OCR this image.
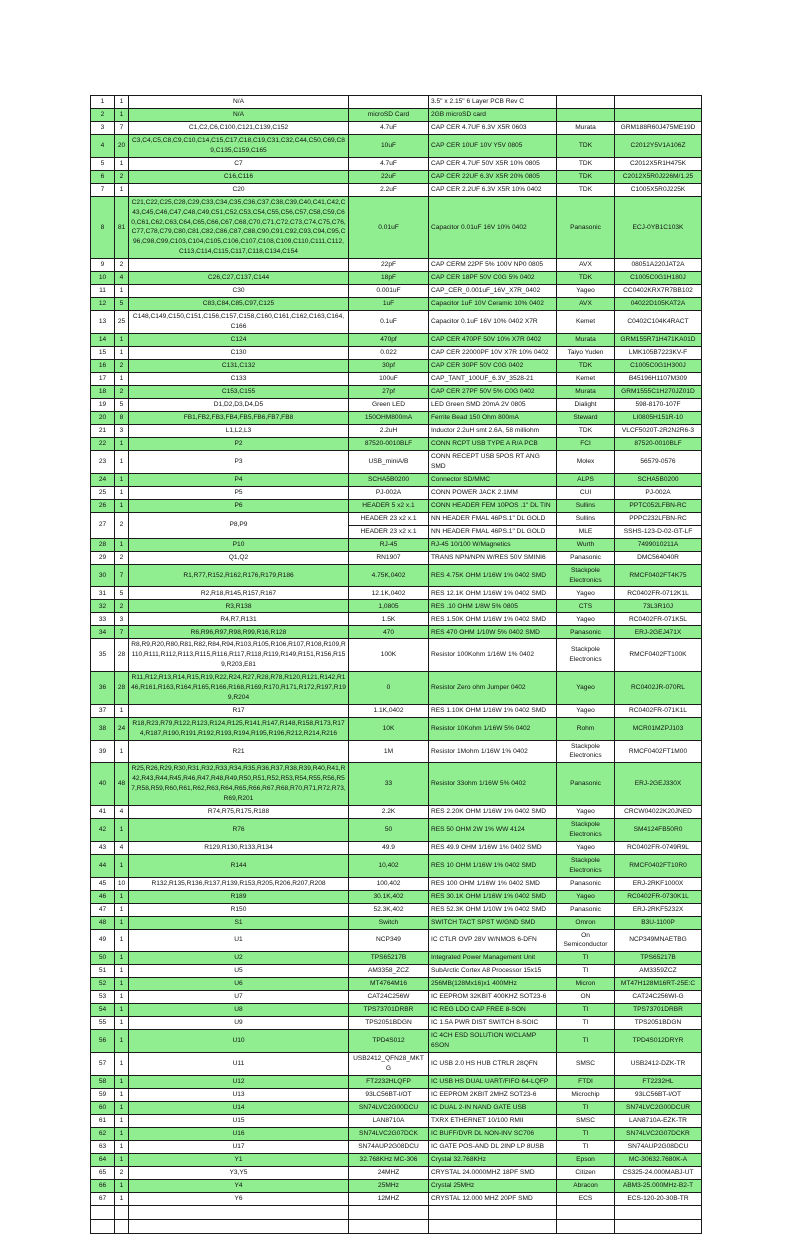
1	1	N/A		3.5" x 2.15" 6 Layer PCB Rev C		
2	1	N/A	microSD Card	2GB microSD card		
3	7	C1,C2,C6,C100,C121,C139,C152	4.7uF	CAP CER 4.7UF 6.3V X5R 0603	Murata	GRM188R60J475ME19D
4	20	C3,C4,C5,C8,C9,C10,C14,C15,C17,C18,C19,C31,C32,C44,C50,C69,C89,C135,C159,C165	10uF	CAP CER 10UF 10V Y5V 0805	TDK	C2012Y5V1A106Z
5	1	C7	4.7uF	CAP CER 4.7UF 50V X5R 10% 0805	TDK	C2012X5R1H475K
6	2	C16,C116	22uF	CAP CER 22UF 6.3V X5R 20% 0805	TDK	C2012X5R0J226M/1.25
7	1	C20	2.2uF	CAP CER 2.2UF 6.3V X5R 10% 0402	TDK	C1005X5R0J225K
8	81	C21,C22,C25,C28,C29,C33,C34,C35,C36,C37,C38,C39,C40,C41,C42,C43,C45,C46,C47,C48,C49,C51,C52,C53,C54,C55,C56,C57,C58,C59,C60,C61,C62,C63,C64,C65,C66,C67,C68,C70,C71,C72,C73,C74,C75,C76,C77,C78,C79,C80,C81,C82,C86,C87,C88,C90,C91,C92,C93,C94,C95,C96,C98,C99,C103,C104,C105,C106,C107,C108,C109,C110,C111,C112,C113,C114,C115,C117,C118,C134,C154	0.01uF	Capacitor 0.01uF 16V 10% 0402	Panasonic	ECJ-0YB1C103K
9	2		22pF	CAP CERM 22PF 5% 100V NP0 0805	AVX	08051A220JAT2A
10	4	C26,C27,C137,C144	18pF	CAP CER 18PF 50V C0G 5% 0402	TDK	C1005C0G1H180J
11	1	C30	0.001uF	CAP_CER_0.001uF_16V_X7R_0402	Yageo	CC0402KRX7R7BB102
12	5	C83,C84,C85,C97,C125	1uF	Capacitor 1uF 10V Ceramic 10% 0402	AVX	04022D105KAT2A
13	25	C148,C149,C150,C151,C156,C157,C158,C160,C161,C162,C163,C164,C166	0.1uF	Capacitor 0.1uF 16V 10% 0402 X7R	Kemet	C0402C104K4RACT
14	1	C124	470pf	CAP CER 470PF 50V 10% X7R 0402	Murata	GRM155R71H471KA01D
15	1	C130	0.022	CAP CER 22000PF 10V X7R 10% 0402	Taiyo Yuden	LMK105B7223KV-F
16	2	C131,C132	30pf	CAP CER 30PF 50V C0G 0402	TDK	C1005C0G1H300J
17	1	C133	100uF	CAP_TANT_100UF_6.3V_3528-21	Kemet	B45196H1107M309
18	2	C153,C155	27pf	CAP CER 27PF 50V 5% C0G 0402	Murata	GRM1555C1H270JZ01D
19	5	D1,D2,D3,D4,D5	Green LED	LED Green SMD 20mA 2V 0805	Dialight	598-8170-107F
20	8	FB1,FB2,FB3,FB4,FB5,FB6,FB7,FB8	150OHM800mA	Ferrite Bead 150 Ohm 800mA	Steward	LI0805H151R-10
21	3	L1,L2,L3	2.2uH	Inductor 2.2uH smt 2.6A, 58 milliohm	TDK	VLCF5020T-2R2N2R6-3
22	1	P2	87520-0010BLF	CONN RCPT USB TYPE A R/A PCB	FCI	87520-0010BLF
23	1	P3	USB_miniA/B	CONN RECEPT USB 5POS RT ANG SMD	Molex	56579-0576
24	1	P4	SCHA5B0200	Connector SD/MMC	ALPS	SCHA5B0200
25	1	P5	PJ-002A	CONN POWER JACK 2.1MM	CUI	PJ-002A
26	1	P6	HEADER 5 x2 x.1	CONN HEADER FEM 10POS .1" DL TIN	Sullins	PPTC052LFBN-RC
27	2	P8,P9	HEADER 23 x2 x.1	NN HEADER FMAL 46PS.1" DL GOLD	Sullins	PPPC232LFBN-RC
			HEADER 23 x2 x.1	NN HEADER FMAL 46PS.1" DL GOLD	MLE	SSHS-123-D-02-GT-LF
28	1	P10	RJ-45	RJ-45 10/100 W/Magnetics	Wurth	7499010211A
29	2	Q1,Q2	RN1907	TRANS NPN/NPN W/RES 50V SMINI6	Panasonic	DMC564040R
30	7	R1,R77,R152,R162,R176,R179,R186	4.75K,0402	RES 4.75K OHM 1/16W 1% 0402 SMD	Stackpole Electronics	RMCF0402FT4K75
31	5	R2,R18,R145,R157,R167	12.1K,0402	RES 12.1K OHM 1/16W 1% 0402 SMD	Yageo	RC0402FR-0712K1L
32	2	R3,R138	1,0805	RES .10 OHM 1/8W 5% 0805	CTS	73L3R10J
33	3	R4,R7,R131	1.5K	RES 1.50K OHM 1/16W 1% 0402 SMD	Yageo	RC0402FR-071K5L
34	7	R6,R96,R97,R98,R99,R16,R128	470	RES 470 OHM 1/10W 5% 0402 SMD	Panasonic	ERJ-2GEJ471X
35	28	R8,R9,R20,R80,R81,R82,R84,R94,R103,R105,R106,R107,R108,R109,R110,R111,R112,R113,R115,R116,R117,R118,R119,R149,R151,R156,R159,R203,E81	100K	Resistor 100Kohm 1/16W 1% 0402	Stackpole Electronics	RMCF0402FT100K
36	28	R11,R12,R13,R14,R15,R19,R22,R24,R27,R28,R78,R120,R121,R142,R146,R161,R163,R164,R165,R166,R168,R169,R170,R171,R172,R197,R199,R204	0	Resistor Zero ohm Jumper 0402	Yageo	RC0402JR-070RL
37	1	R17	1.1K,0402	RES 1.10K OHM 1/16W 1% 0402 SMD	Yageo	RC0402FR-071K1L
38	24	R18,R23,R79,R122,R123,R124,R125,R141,R147,R148,R158,R173,R174,R187,R190,R191,R192,R193,R194,R195,R196,R212,R214,R216	10K	Resistor 10Kohm 1/16W 5% 0402	Rohm	MCR01MZPJ103
39	1	R21	1M	Resistor 1Mohm 1/16W 1% 0402	Stackpole Electronics	RMCF0402FT1M00
40	48	R25,R26,R29,R30,R31,R32,R33,R34,R35,R36,R37,R38,R39,R40,R41,R42,R43,R44,R45,R46,R47,R48,R49,R50,R51,R52,R53,R54,R55,R56,R57,R58,R59,R60,R61,R62,R63,R64,R65,R66,R67,R68,R70,R71,R72,R73,R69,R201	33	Resistor 33ohm 1/16W 5% 0402	Panasonic	ERJ-2GEJ330X
41	4	R74,R75,R175,R188	2.2K	RES 2.20K OHM 1/16W 1% 0402 SMD	Yageo	CRCW04022K20JNED
42	1	R76	50	RES 50 OHM 2W 1% WW 4124	Stackpole Electronics	SM4124FB50R0
43	4	R129,R130,R133,R134	49.9	RES 49.9 OHM 1/16W 1% 0402 SMD	Yageo	RC0402FR-0749R9L
44	1	R144	10,402	RES 10 OHM 1/16W 1% 0402 SMD	Stackpole Electronics	RMCF0402FT10R0
45	10	R132,R135,R136,R137,R139,R153,R205,R206,R207,R208	100,402	RES 100 OHM 1/16W 1% 0402 SMD	Panasonic	ERJ-2RKF1000X
46	1	R189	30.1K,402	RES 30.1K OHM 1/16W 1% 0402 SMD	Yageo	RC0402FR-0730K1L
47	1	R150	52.3K,402	RES 52.3K OHM 1/10W 1% 0402 SMD	Panasonic	ERJ-2RKF5232X
48	1	S1	Switch	SWITCH TACT SPST W/GND SMD	Omron	B3U-1100P
49	1	U1	NCP349	IC CTLR OVP 28V W/NMOS 6-DFN	On Semiconductor	NCP349MNAETBG
50	1	U2	TPS65217B	Integrated Power Management Unit	TI	TPS65217B
51	1	U5	AM3358_ZCZ	SubArctic Cortex A8 Processor 15x15	TI	AM3359ZCZ
52	1	U6	MT4764M16	256MB(128Mx16)x1 400MHz	Micron	MT47H128M16RT-25E:C
53	1	U7	CAT24C256W	IC EEPROM 32KBIT 400KHZ SOT23-6	ON	CAT24C256WI-G
54	1	U8	TPS73701DRBR	IC REG LDO CAP FREE 8-SON	TI	TPS73701DRBR
55	1	U9	TPS2051BDGN	IC 1.5A PWR DIST SWITCH 8-SOIC	TI	TPS2051BDGN
56	1	U10	TPD4S012	IC 4CH ESD SOLUTION W/CLAMP 6SON	TI	TPD4S012DRYR
57	1	U11	USB2412_QFN28_MKTG	IC USB 2.0 HS HUB CTRLR 28QFN	SMSC	USB2412-DZK-TR
58	1	U12	FT2232HLQFP	IC USB HS DUAL UART/FIFO 64-LQFP	FTDI	FT2232HL
59	1	U13	93LC56BT-I/OT	IC EEPROM 2KBIT 2MHZ SOT23-6	Microchip	93LC56BT-I/OT
60	1	U14	SN74LVC2G00DCU	IC DUAL 2-IN NAND GATE USB	TI	SN74LVC2G00DCUR
61	1	U15	LAN8710A	TXRX ETHERNET 10/100 RMII	SMSC	LAN8710A-EZK-TR
62	1	U16	SN74LVC2G07DCK	IC BUFF/DVR DL NON-INV SC706	TI	SN74LVC2G07DCKR
63	1	U17	SN74AUP2G08DCU	IC GATE POS-AND DL 2INP LP 8USB	TI	SN74AUP2G08DCU
64	1	Y1	32.768KHz MC-306	Crystal 32.768KHz	Epson	MC-30632.7680K-A
65	2	Y3,Y5	24MHZ	CRYSTAL 24.0000MHZ 18PF SMD	Citizen	CS325-24.000MABJ-UT
66	1	Y4	25MHz	Crystal 25MHz	Abracon	ABM3-25.000MHz-B2-T
67	1	Y6	12MHZ	CRYSTAL 12.000 MHZ 20PF SMD	ECS	ECS-120-20-30B-TR
